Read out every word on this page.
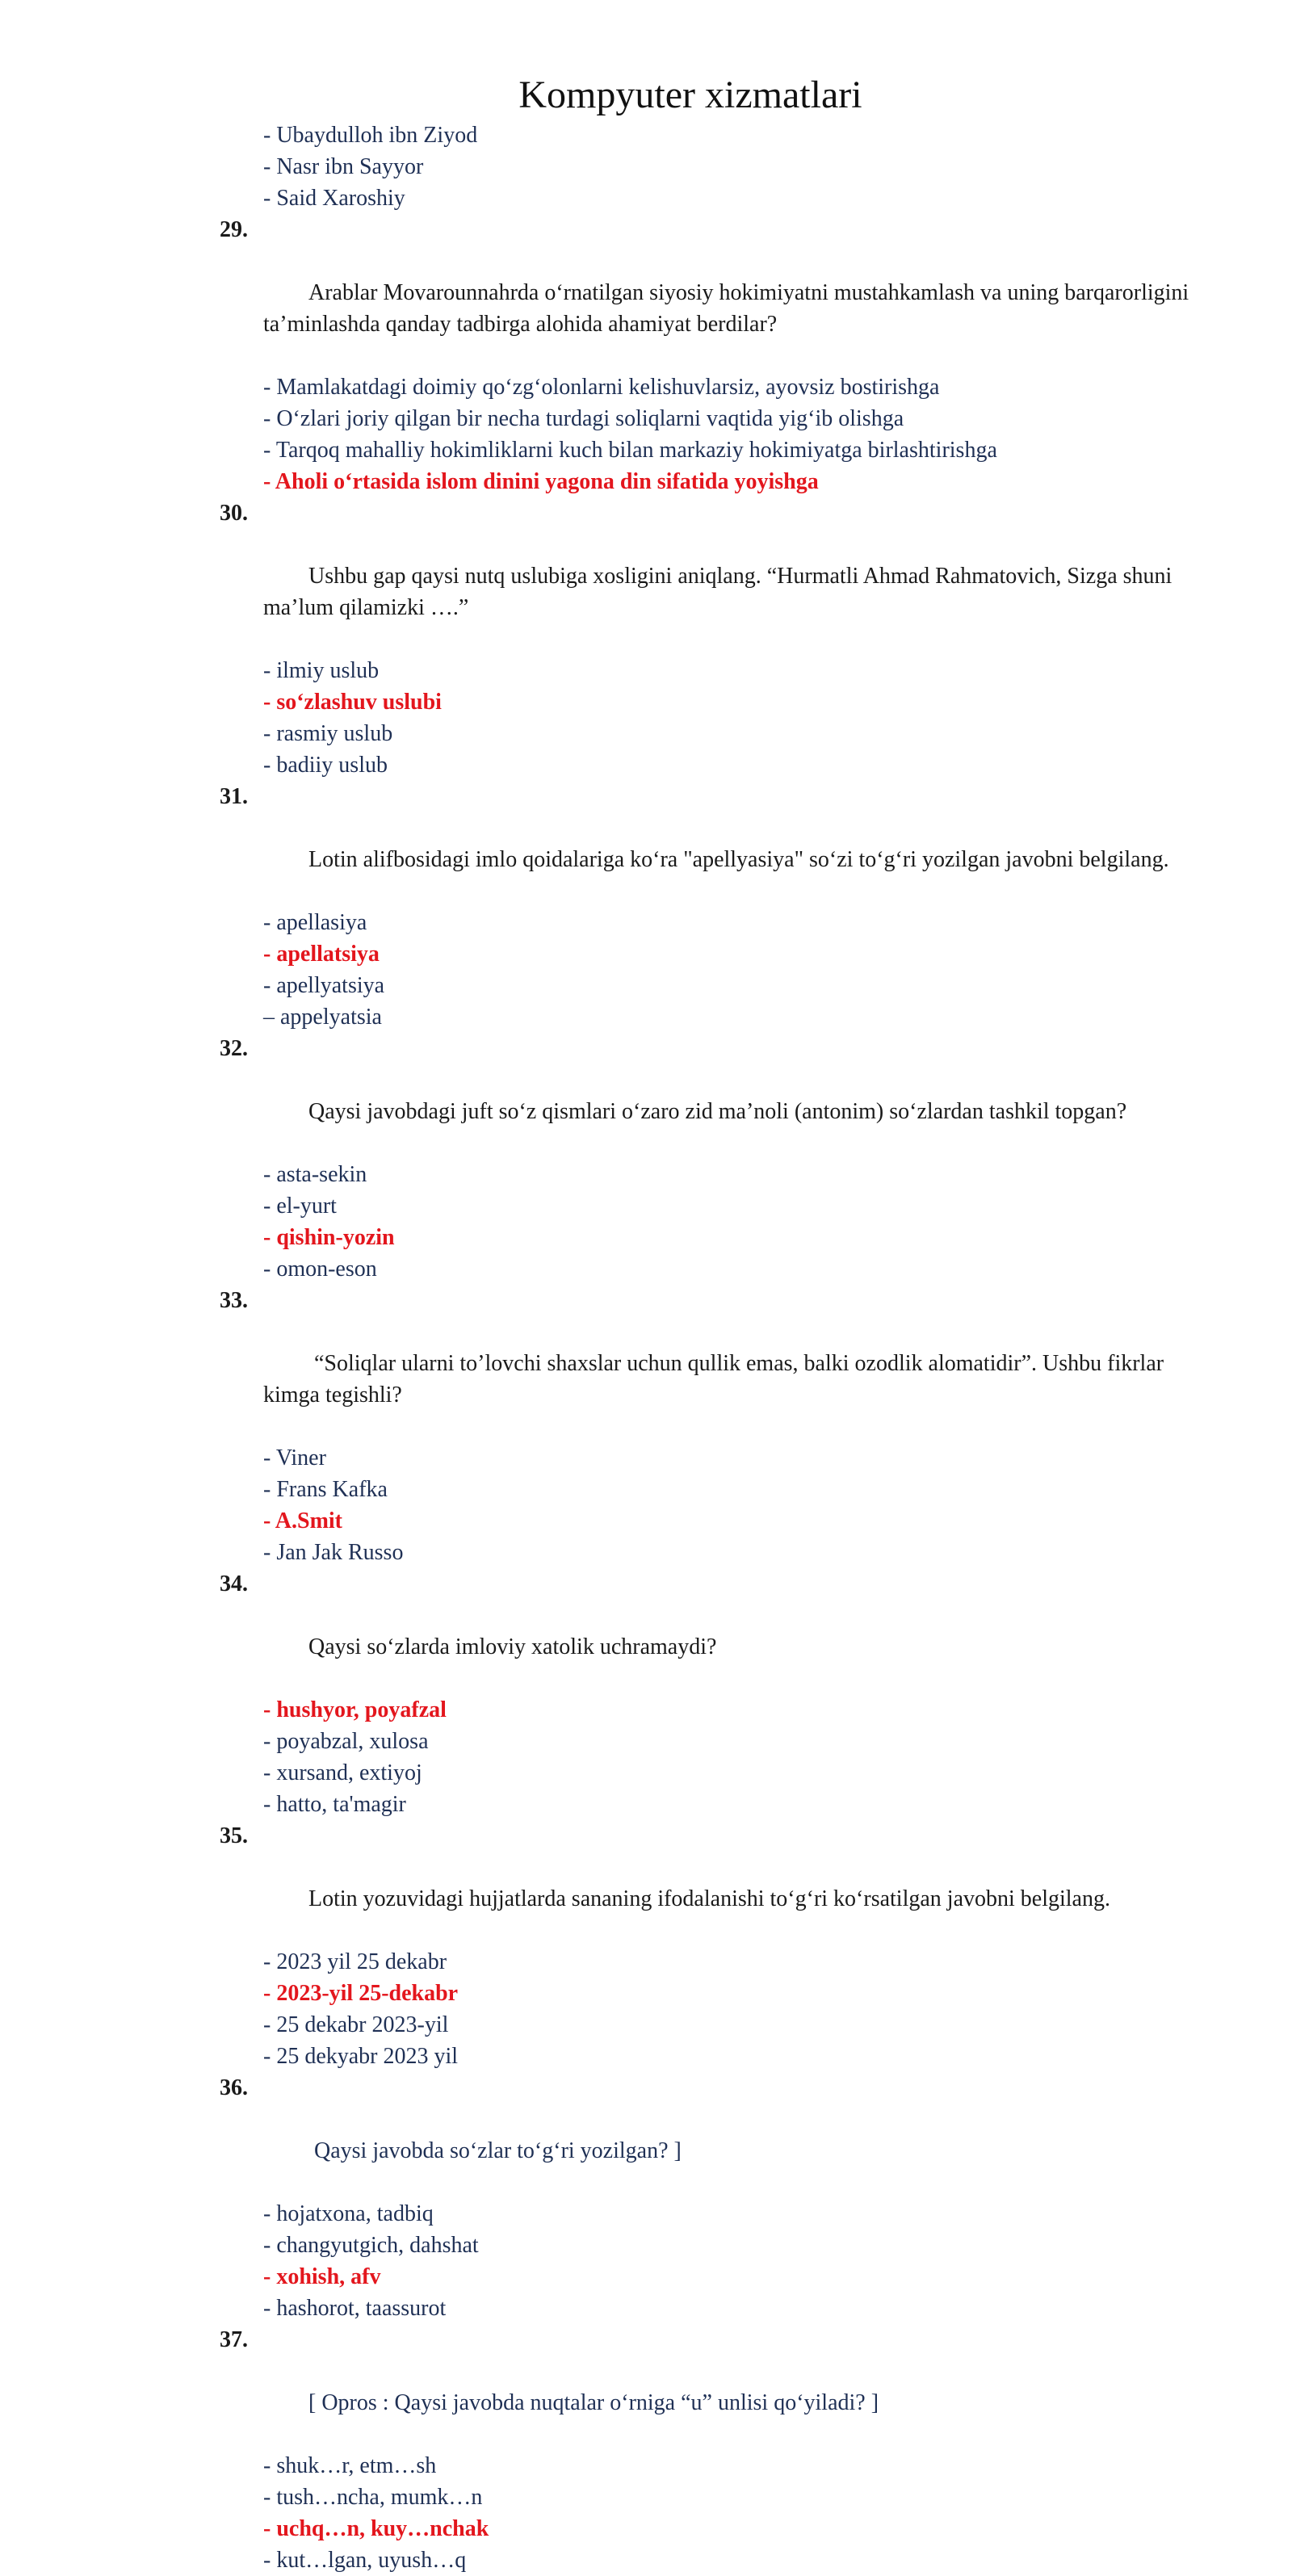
Kompyuter xizmatlari
- Ubaydulloh ibn Ziyod
- Nasr ibn Sayyor
- Said Xaroshiy

29.

Arablar Movarounnahrda oʻrnatilgan siyosiy hokimiyatni mustahkamlash va uning barqarorligini taʼminlashda qanday tadbirga alohida ahamiyat berdilar?

- Mamlakatdagi doimiy qoʻzgʻolonlarni kelishuvlarsiz, ayovsiz bostirishga
- Oʻzlari joriy qilgan bir necha turdagi soliqlarni vaqtida yigʻib olishga
- Tarqoq mahalliy hokimliklarni kuch bilan markaziy hokimiyatga birlashtirishga
- Aholi oʻrtasida islom dinini yagona din sifatida yoyishga

30.

Ushbu gap qaysi nutq uslubiga xosligini aniqlang. “Hurmatli Ahmad Rahmatovich, Sizga shuni maʼlum qilamizki ….”

- ilmiy uslub
- soʻzlashuv uslubi
- rasmiy uslub
- badiiy uslub

31.

Lotin alifbosidagi imlo qoidalariga koʻra "apellyasiya" soʻzi toʻgʻri yozilgan javobni belgilang.

- apellasiya
- apellatsiya
- apellyatsiya
– appelyatsia

32.

Qaysi javobdagi juft soʻz qismlari oʻzaro zid maʼnoli (antonim) soʻzlardan tashkil topgan?

- asta-sekin
- el-yurt
- qishin-yozin
- omon-eson

33.

“Soliqlar ularni to’lovchi shaxslar uchun qullik emas, balki ozodlik alomatidir”. Ushbu fikrlar kimga tegishli?

- Viner
- Frans Kafka
- A.Smit
- Jan Jak Russo

34.

Qaysi soʻzlarda imloviy xatolik uchramaydi?

- hushyor, poyafzal
- poyabzal, xulosa
- xursand, extiyoj
- hatto, ta'magir

35.

Lotin yozuvidagi hujjatlarda sananing ifodalanishi toʻgʻri koʻrsatilgan javobni belgilang.

- 2023 yil 25 dekabr
- 2023-yil 25-dekabr
- 25 dekabr 2023-yil
- 25 dekyabr 2023 yil

36.

Qaysi javobda soʻzlar toʻgʻri yozilgan? ]

- hojatxona, tadbiq
- changyutgich, dahshat
- xohish, afv
- hashorot, taassurot

37.

[ Opros : Qaysi javobda nuqtalar oʻrniga “u” unlisi qoʻyiladi? ]

- shuk…r, etm…sh
- tush…ncha, mumk…n
- uchq…n, kuy…nchak
- kut…lgan, uyush…q
